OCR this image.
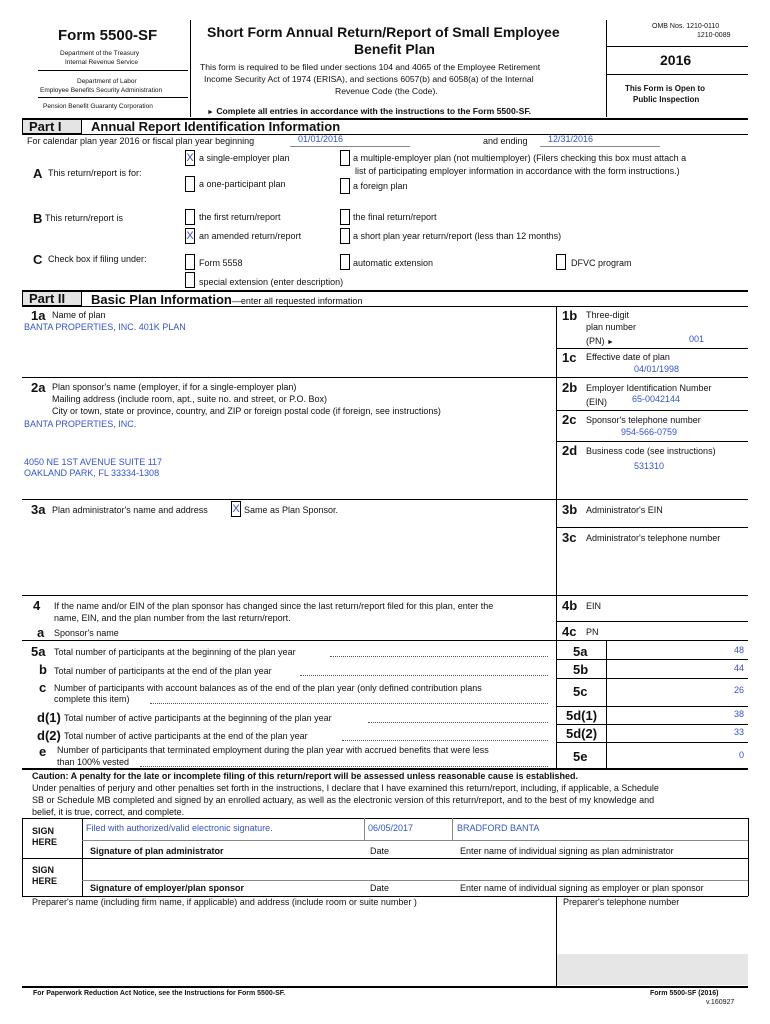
Form 5500-SF
Department of the Treasury
Internal Revenue Service
Department of Labor
Employee Benefits Security Administration
Pension Benefit Guaranty Corporation
Short Form Annual Return/Report of Small Employee
Benefit Plan
This form is required to be filed under sections 104 and 4065 of the Employee Retirement
Income Security Act of 1974 (ERISA), and sections 6057(b) and 6058(a) of the Internal
Revenue Code (the Code).
► Complete all entries in accordance with the instructions to the Form 5500-SF.
OMB Nos. 1210-0110
1210-0089
2016
This Form is Open to
Public Inspection
Part I	Annual Report Identification Information
For calendar plan year 2016 or fiscal plan year beginning	01/01/2016	and ending 12/31/2016
A This return/report is for:
X a single-employer plan	a multiple-employer plan (not multiemployer) (Filers checking this box must attach a
list of participating employer information in accordance with the form instructions.)
a one-participant plan	a foreign plan
B This return/report is	the first return/report	the final return/report
X an amended return/report	a short plan year return/report (less than 12 months)
C Check box if filing under:	Form 5558	automatic extension	DFVC program
special extension (enter description)
Part II	Basic Plan Information—enter all requested information
1a Name of plan
BANTA PROPERTIES, INC. 401K PLAN
1b Three-digit
plan number
(PN) ►	001
1c Effective date of plan
04/01/1998
2a Plan sponsor's name (employer, if for a single-employer plan)
Mailing address (include room, apt., suite no. and street, or P.O. Box)
City or town, state or province, country, and ZIP or foreign postal code (if foreign, see instructions)
BANTA PROPERTIES, INC.
4050 NE 1ST AVENUE SUITE 117
OAKLAND PARK, FL 33334-1308
2b Employer Identification Number
(EIN)	65-0042144
2c Sponsor's telephone number
954-566-0759
2d Business code (see instructions)
531310
3a Plan administrator's name and address X Same as Plan Sponsor.	3b Administrator's EIN
3c Administrator's telephone number
4 If the name and/or EIN of the plan sponsor has changed since the last return/report filed for this plan, enter the
name, EIN, and the plan number from the last return/report.
a Sponsor's name
4b EIN
4c PN
5a Total number of participants at the beginning of the plan year	5a	48
b Total number of participants at the end of the plan year	5b	44
c Number of participants with account balances as of the end of the plan year (only defined contribution plans
complete this item)	5c	26
d(1) Total number of active participants at the beginning of the plan year	5d(1)	38
d(2) Total number of active participants at the end of the plan year	5d(2)	33
e Number of participants that terminated employment during the plan year with accrued benefits that were less
than 100% vested	5e	0
Caution: A penalty for the late or incomplete filing of this return/report will be assessed unless reasonable cause is established.
Under penalties of perjury and other penalties set forth in the instructions, I declare that I have examined this return/report, including, if applicable, a Schedule
SB or Schedule MB completed and signed by an enrolled actuary, as well as the electronic version of this return/report, and to the best of my knowledge and
belief, it is true, correct, and complete.
SIGN
HERE
Filed with authorized/valid electronic signature.	06/05/2017	BRADFORD BANTA
Signature of plan administrator	Date	Enter name of individual signing as plan administrator
SIGN
HERE
Signature of employer/plan sponsor	Date	Enter name of individual signing as employer or plan sponsor
Preparer's name (including firm name, if applicable) and address (include room or suite number )	Preparer's telephone number
For Paperwork Reduction Act Notice, see the Instructions for Form 5500-SF.	Form 5500-SF (2016)
v.160927
